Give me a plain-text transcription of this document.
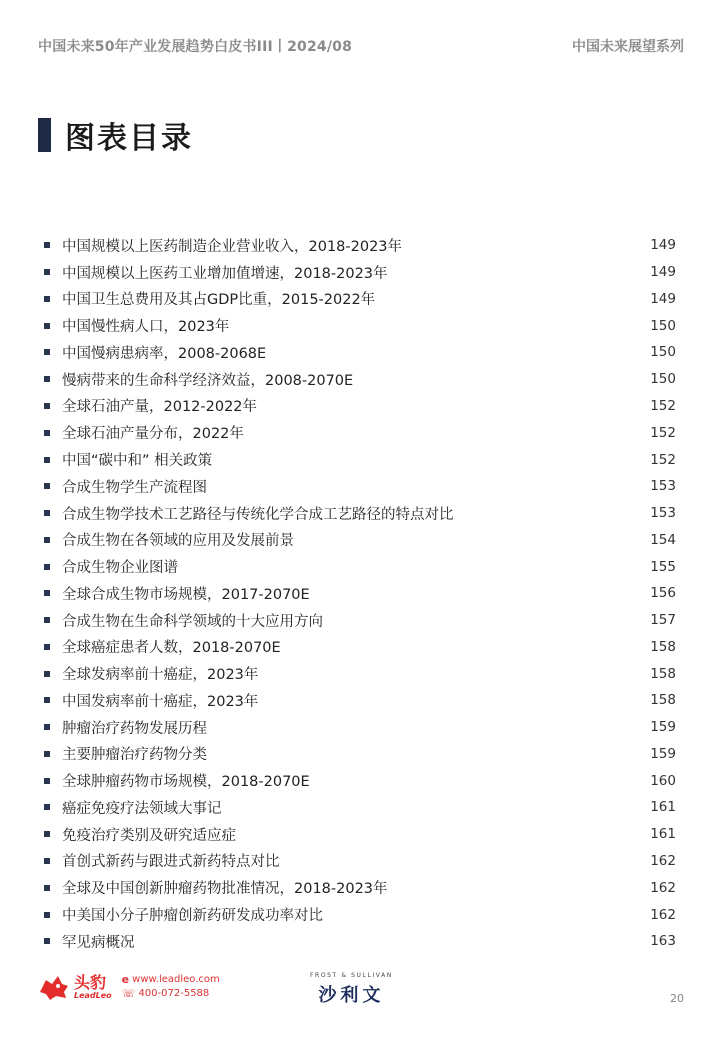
中国未来50年产业发展趋势白皮书III丨2024/08	中国未来展望系列
图表目录
中国规模以上医药制造企业营业收入，2018-2023年	149
中国规模以上医药工业增加值增速，2018-2023年	149
中国卫生总费用及其占GDP比重，2015-2022年	149
中国慢性病人口，2023年	150
中国慢病患病率，2008-2068E	150
慢病带来的生命科学经济效益，2008-2070E	150
全球石油产量，2012-2022年	152
全球石油产量分布，2022年	152
中国“碳中和” 相关政策	152
合成生物学生产流程图	153
合成生物学技术工艺路径与传统化学合成工艺路径的特点对比	153
合成生物在各领域的应用及发展前景	154
合成生物企业图谱	155
全球合成生物市场规模，2017-2070E	156
合成生物在生命科学领域的十大应用方向	157
全球癌症患者人数，2018-2070E	158
全球发病率前十癌症，2023年	158
中国发病率前十癌症，2023年	158
肿瘤治疗药物发展历程	159
主要肿瘤治疗药物分类	159
全球肿瘤药物市场规模，2018-2070E	160
癌症免疫疗法领域大事记	161
免疫治疗类别及研究适应症	161
首创式新药与跟进式新药特点对比	162
全球及中国创新肿瘤药物批准情况，2018-2023年	162
中美国小分子肿瘤创新药研发成功率对比	162
罕见病概况	163
头豹
LeadLeo
e www.leadleo.com
☏ 400-072-5588
FROST & SULLIVAN
沙利文	20
